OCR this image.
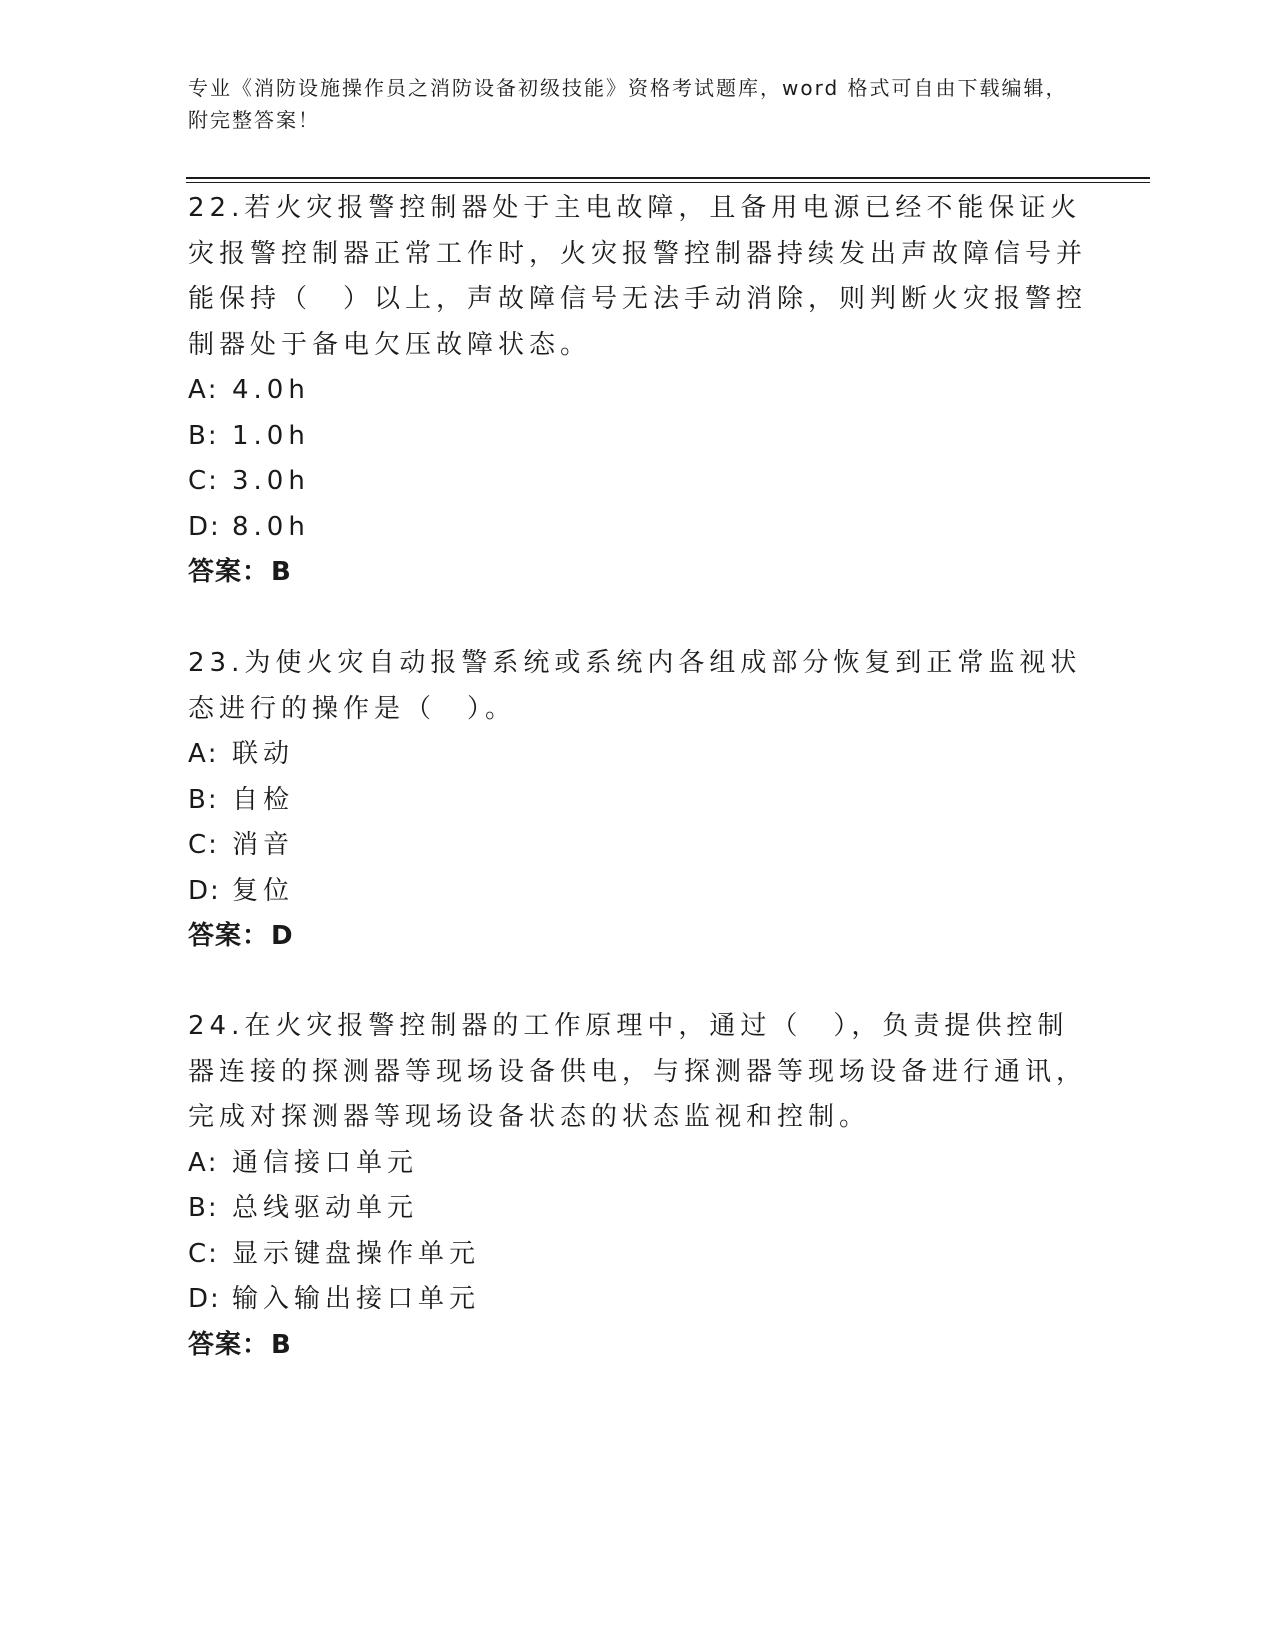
专业《消防设施操作员之消防设备初级技能》资格考试题库，word 格式可自由下载编辑，附完整答案！

22.若火灾报警控制器处于主电故障，且备用电源已经不能保证火灾报警控制器正常工作时，火灾报警控制器持续发出声故障信号并能保持（　）以上，声故障信号无法手动消除，则判断火灾报警控制器处于备电欠压故障状态。

A : 4.0h
B : 1.0h
C : 3.0h
D : 8.0h
答案：B

23.为使火灾自动报警系统或系统内各组成部分恢复到正常监视状态进行的操作是（　）。

A : 联动
B : 自检
C : 消音
D : 复位
答案：D

24.在火灾报警控制器的工作原理中，通过（　），负责提供控制器连接的探测器等现场设备供电，与探测器等现场设备进行通讯，完成对探测器等现场设备状态的状态监视和控制。

A : 通信接口单元
B : 总线驱动单元
C : 显示键盘操作单元
D : 输入输出接口单元
答案：B
